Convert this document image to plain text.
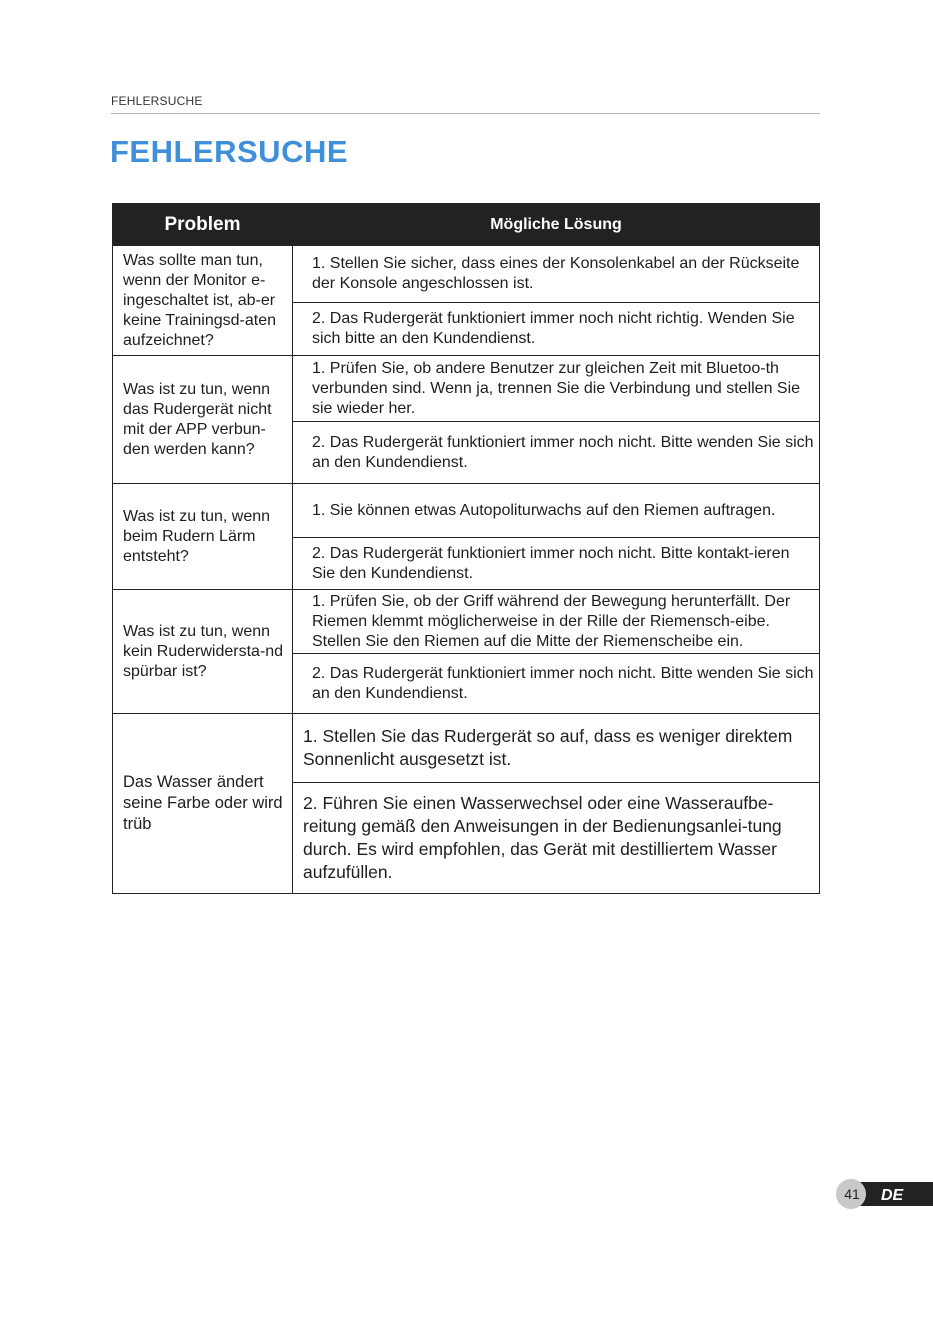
FEHLERSUCHE
FEHLERSUCHE
Problem	Mögliche Lösung
Was sollte man tun, wenn der Monitor e-ingeschaltet ist, ab-er keine Trainingsd-aten aufzeichnet?	1. Stellen Sie sicher, dass eines der Konsolenkabel an der Rückseite der Konsole angeschlossen ist.
	2. Das Rudergerät funktioniert immer noch nicht richtig. Wenden Sie sich bitte an den Kundendienst.
Was ist zu tun, wenn das Rudergerät nicht mit der APP verbun-den werden kann?	1. Prüfen Sie, ob andere Benutzer zur gleichen Zeit mit Bluetoo-th verbunden sind. Wenn ja, trennen Sie die Verbindung und stellen Sie sie wieder her.
	2. Das Rudergerät funktioniert immer noch nicht. Bitte wenden Sie sich an den Kundendienst.
Was ist zu tun, wenn beim Rudern Lärm entsteht?	1. Sie können etwas Autopoliturwachs auf den Riemen auftragen.
	2. Das Rudergerät funktioniert immer noch nicht. Bitte kontakt-ieren Sie den Kundendienst.
Was ist zu tun, wenn kein Ruderwidersta-nd spürbar ist?	1. Prüfen Sie, ob der Griff während der Bewegung herunterfällt. Der Riemen klemmt möglicherweise in der Rille der Riemensch-eibe. Stellen Sie den Riemen auf die Mitte der Riemenscheibe ein.
	2. Das Rudergerät funktioniert immer noch nicht. Bitte wenden Sie sich an den Kundendienst.
Das Wasser ändert seine Farbe oder wird trüb	1. Stellen Sie das Rudergerät so auf, dass es weniger direktem Sonnenlicht ausgesetzt ist.
	2. Führen Sie einen Wasserwechsel oder eine Wasseraufbe-reitung gemäß den Anweisungen in der Bedienungsanlei-tung durch. Es wird empfohlen, das Gerät mit destilliertem Wasser aufzufüllen.
41 DE
